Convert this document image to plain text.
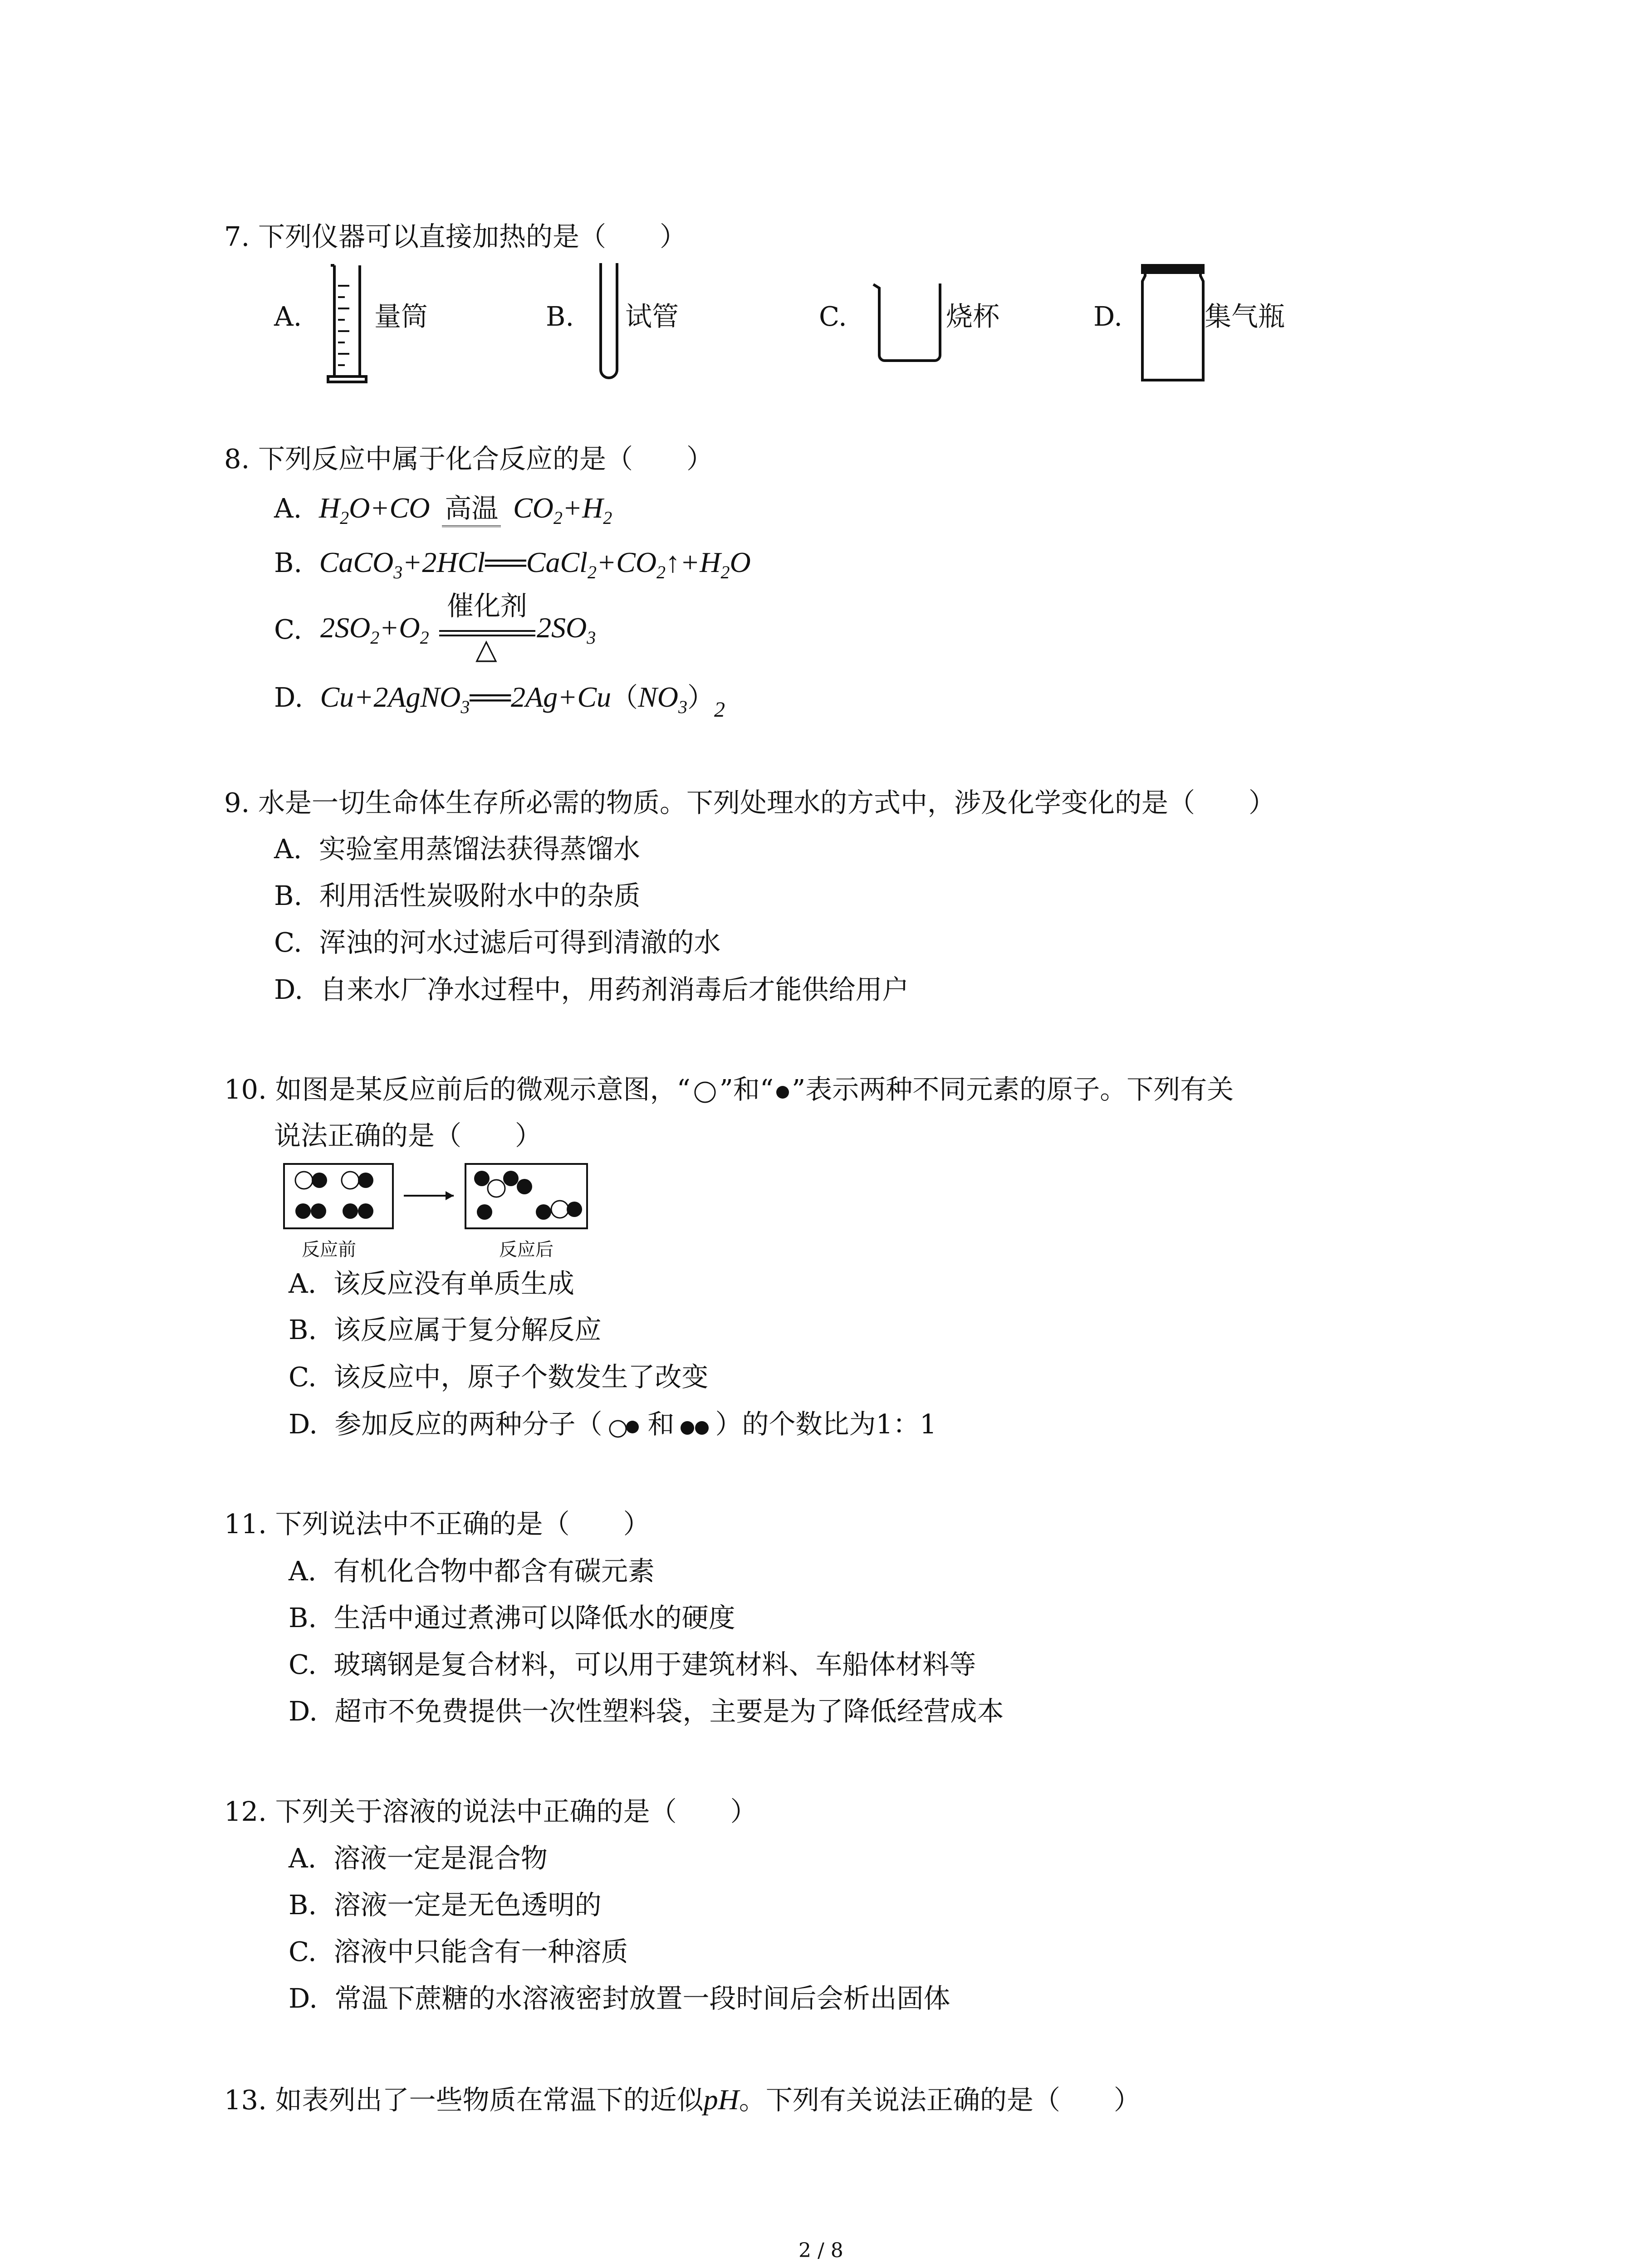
7. 下列仪器可以直接加热的是（　　）
A.	量筒	B. 试管	C.	烧杯	D.	集气瓶
8. 下列反应中属于化合反应的是（　　）
A. $H_2O+CO$ 高温 $CO_2+H_2$
B. $CaCO_3+2HCl══CaCl_2+CO_2↑+H_2O$
C. $2SO_2+O_2$
催化剂
△
$2SO_3$
D. $Cu+2AgNO_3══2Ag+Cu(NO_3)_2$
9. 水是一切生命体生存所必需的物质。下列处理水的方式中，涉及化学变化的是（　　）
A. 实验室用蒸馏法获得蒸馏水
B. 利用活性炭吸附水中的杂质
C. 浑浊的河水过滤后可得到清澈的水
D. 自来水厂净水过程中，用药剂消毒后才能供给用户
10. 如图是某反应前后的微观示意图，“ ”和“ ”表示两种不同元素的原子。下列有关
说法正确的是（　　）
反应前	反应后
A. 该反应没有单质生成
B. 该反应属于复分解反应
C. 该反应中，原子个数发生了改变
D. 参加反应的两种分子（ 和 ）的个数比为1：1
11. 下列说法中不正确的是（　　）
A. 有机化合物中都含有碳元素
B. 生活中通过煮沸可以降低水的硬度
C. 玻璃钢是复合材料，可以用于建筑材料、车船体材料等
D. 超市不免费提供一次性塑料袋，主要是为了降低经营成本
12. 下列关于溶液的说法中正确的是（　　）
A. 溶液一定是混合物
B. 溶液一定是无色透明的
C. 溶液中只能含有一种溶质
D. 常温下蔗糖的水溶液密封放置一段时间后会析出固体
13. 如表列出了一些物质在常温下的近似pH。下列有关说法正确的是（　　）
2 / 8
